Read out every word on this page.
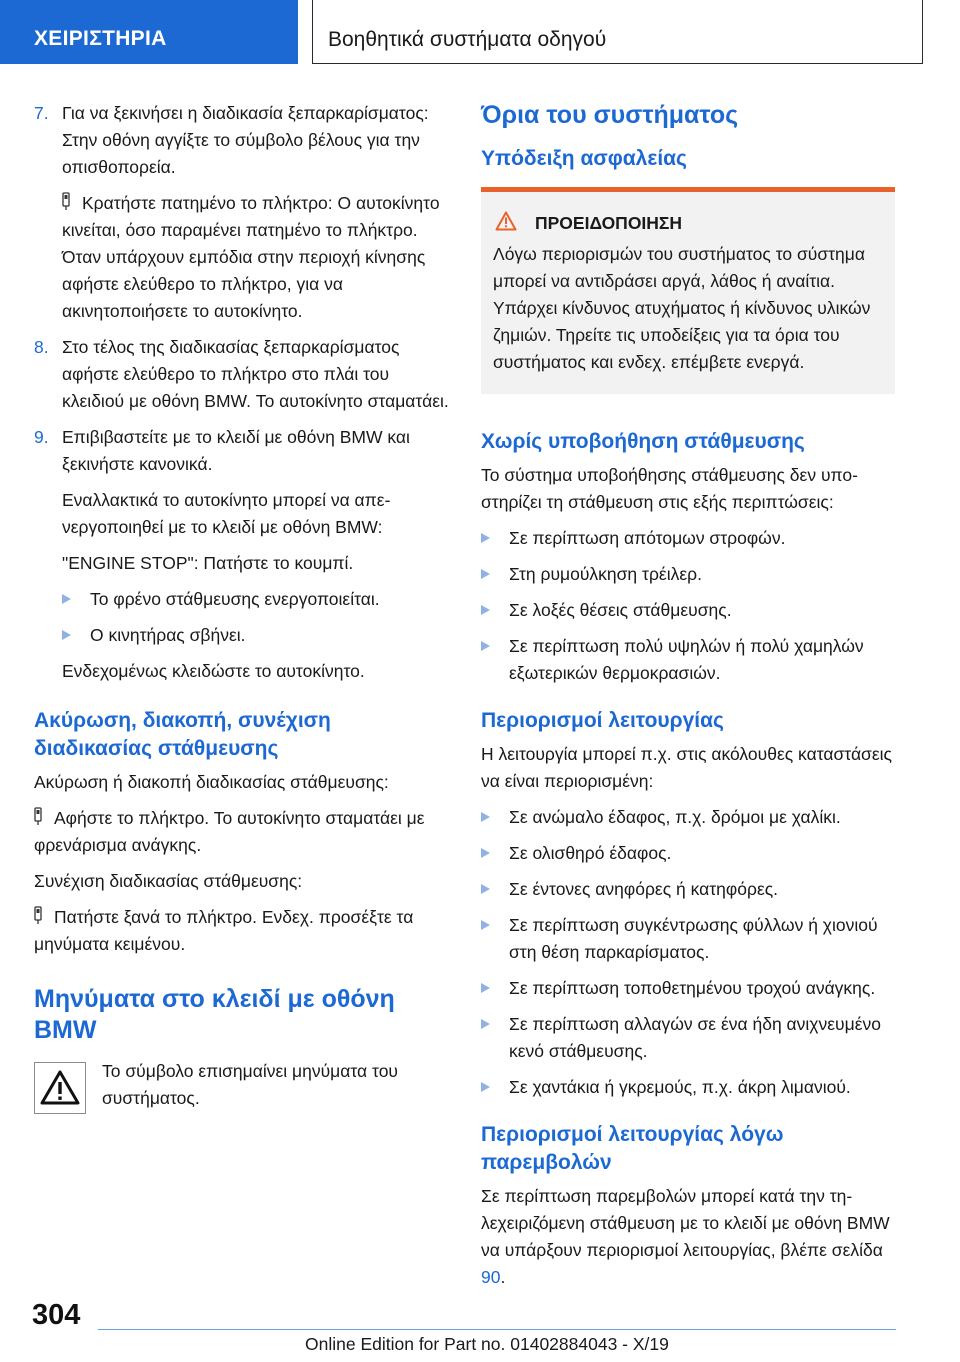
ΧΕΙΡΙΣΤΗΡΙΑ	Βοηθητικά συστήματα οδηγού
7. Για να ξεκινήσει η διαδικασία ξεπαρκαρίσματος: Στην οθόνη αγγίξτε το σύμβολο βέλους για την οπισθοπορεία.
Κρατήστε πατημένο το πλήκτρο: Ο αυτοκίνητο κινείται, όσο παραμένει πατημένο το πλήκτρο. Όταν υπάρχουν εμπόδια στην περιοχή κίνησης αφήστε ελεύθερο το πλήκτρο, για να ακινητοποιήσετε το αυτοκίνητο.
8. Στο τέλος της διαδικασίας ξεπαρκαρίσματος αφήστε ελεύθερο το πλήκτρο στο πλάι του κλειδιού με οθόνη BMW. Το αυτοκίνητο σταματάει.
9. Επιβιβαστείτε με το κλειδί με οθόνη BMW και ξεκινήστε κανονικά.
Εναλλακτικά το αυτοκίνητο μπορεί να απενεργοποιηθεί με το κλειδί με οθόνη BMW:
"ENGINE STOP": Πατήστε το κουμπί.
Το φρένο στάθμευσης ενεργοποιείται.
Ο κινητήρας σβήνει.
Ενδεχομένως κλειδώστε το αυτοκίνητο.
Ακύρωση, διακοπή, συνέχιση διαδικασίας στάθμευσης

Ακύρωση ή διακοπή διαδικασίας στάθμευσης:

Αφήστε το πλήκτρο. Το αυτοκίνητο σταματάει με φρενάρισμα ανάγκης.

Συνέχιση διαδικασίας στάθμευσης:

Πατήστε ξανά το πλήκτρο. Ενδεχ. προσέξτε τα μηνύματα κειμένου.

Μηνύματα στο κλειδί με οθόνη BMW
Το σύμβολο επισημαίνει μηνύματα του συστήματος.
Όρια του συστήματος
Υπόδειξη ασφαλείας
ΠΡΟΕΙΔΟΠΟΙΗΣΗ
Λόγω περιορισμών του συστήματος το σύστημα μπορεί να αντιδράσει αργά, λάθος ή αναίτια. Υπάρχει κίνδυνος ατυχήματος ή κίνδυνος υλικών ζημιών. Τηρείτε τις υποδείξεις για τα όρια του συστήματος και ενδεχ. επέμβετε ενεργά.
Χωρίς υποβοήθηση στάθμευσης

Το σύστημα υποβοήθησης στάθμευσης δεν υποστηρίζει τη στάθμευση στις εξής περιπτώσεις:

Σε περίπτωση απότομων στροφών.
Στη ρυμούλκηση τρέιλερ.
Σε λοξές θέσεις στάθμευσης.
Σε περίπτωση πολύ υψηλών ή πολύ χαμηλών εξωτερικών θερμοκρασιών.
Περιορισμοί λειτουργίας

Η λειτουργία μπορεί π.χ. στις ακόλουθες καταστάσεις να είναι περιορισμένη:

Σε ανώμαλο έδαφος, π.χ. δρόμοι με χαλίκι.
Σε ολισθηρό έδαφος.
Σε έντονες ανηφόρες ή κατηφόρες.
Σε περίπτωση συγκέντρωσης φύλλων ή χιονιού στη θέση παρκαρίσματος.
Σε περίπτωση τοποθετημένου τροχού ανάγκης.
Σε περίπτωση αλλαγών σε ένα ήδη ανιχνευμένο κενό στάθμευσης.
Σε χαντάκια ή γκρεμούς, π.χ. άκρη λιμανιού.
Περιορισμοί λειτουργίας λόγω παρεμβολών

Σε περίπτωση παρεμβολών μπορεί κατά την τηλεχειριζόμενη στάθμευση με το κλειδί με οθόνη BMW να υπάρξουν περιορισμοί λειτουργίας, βλέπε σελίδα 90.

304
Online Edition for Part no. 01402884043 - X/19
